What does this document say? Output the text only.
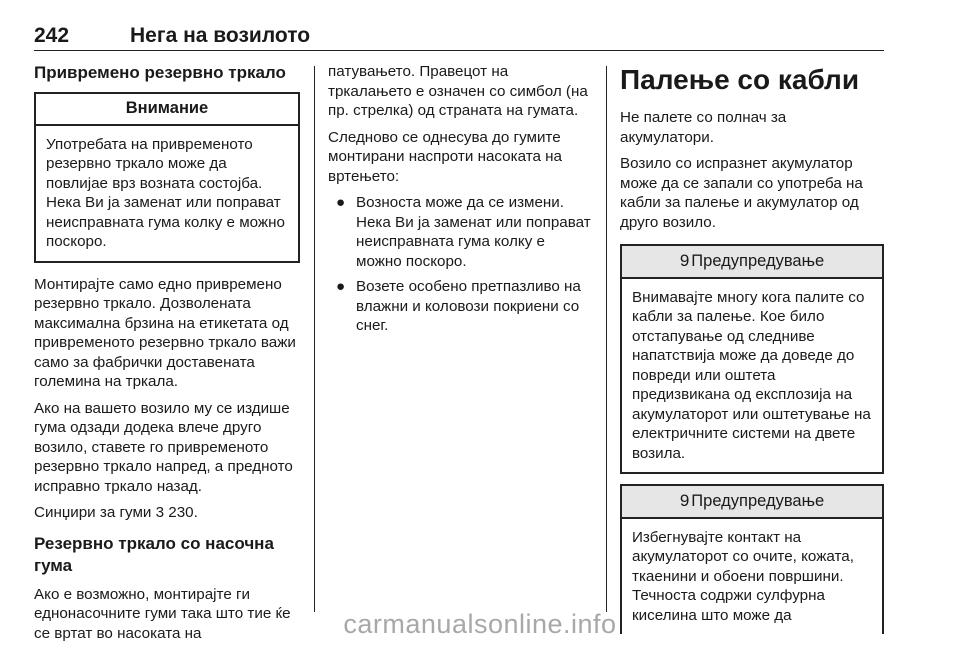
242	Нега на возилото
Привремено резервно тркало
Внимание
Употребата на привременото резервно тркало може да повлијае врз возната состојба. Нека Ви ја заменат или поправат неисправната гума колку е можно поскоро.

Монтирајте само едно привремено резервно тркало. Дозволената максимална брзина на етикетата од привременото резервно тркало важи само за фабрички доставената големина на тркала.

Ако на вашето возило му се издише гума одзади додека влече друго возило, ставете го привременото резервно тркало напред, а предното исправно тркало назад.

Синџири за гуми 3 230.

Резервно тркало со насочна гума

Ако е возможно, монтирајте ги еднонасочните гуми така што тие ќе се вртат во насоката на

патувањето. Правецот на тркалањето е означен со симбол (на пр. стрелка) од страната на гумата.

Следново се однесува до гумите монтирани наспроти насоката на вртењето:

● Возноста може да се измени. Нека Ви ја заменат или поправат неисправната гума колку е можно поскоро.
● Возете особено претпазливо на влажни и коловози покриени со снег.
Палење со кабли

Не палете со полнач за акумулатори.

Возило со испразнет акумулатор може да се запали со употреба на кабли за палење и акумулатор од друго возило.

9 Предупредување
Внимавајте многу кога палите со кабли за палење. Кое било отстапување од следниве напатствија може да доведе до повреди или оштета предизвикана од експлозија на акумулаторот или оштетување на електричните системи на двете возила.
9 Предупредување
Избегнувајте контакт на акумулаторот со очите, кожата, ткаенини и обоени површини. Течноста содржи сулфурна киселина што може да
carmanualsonline.info
